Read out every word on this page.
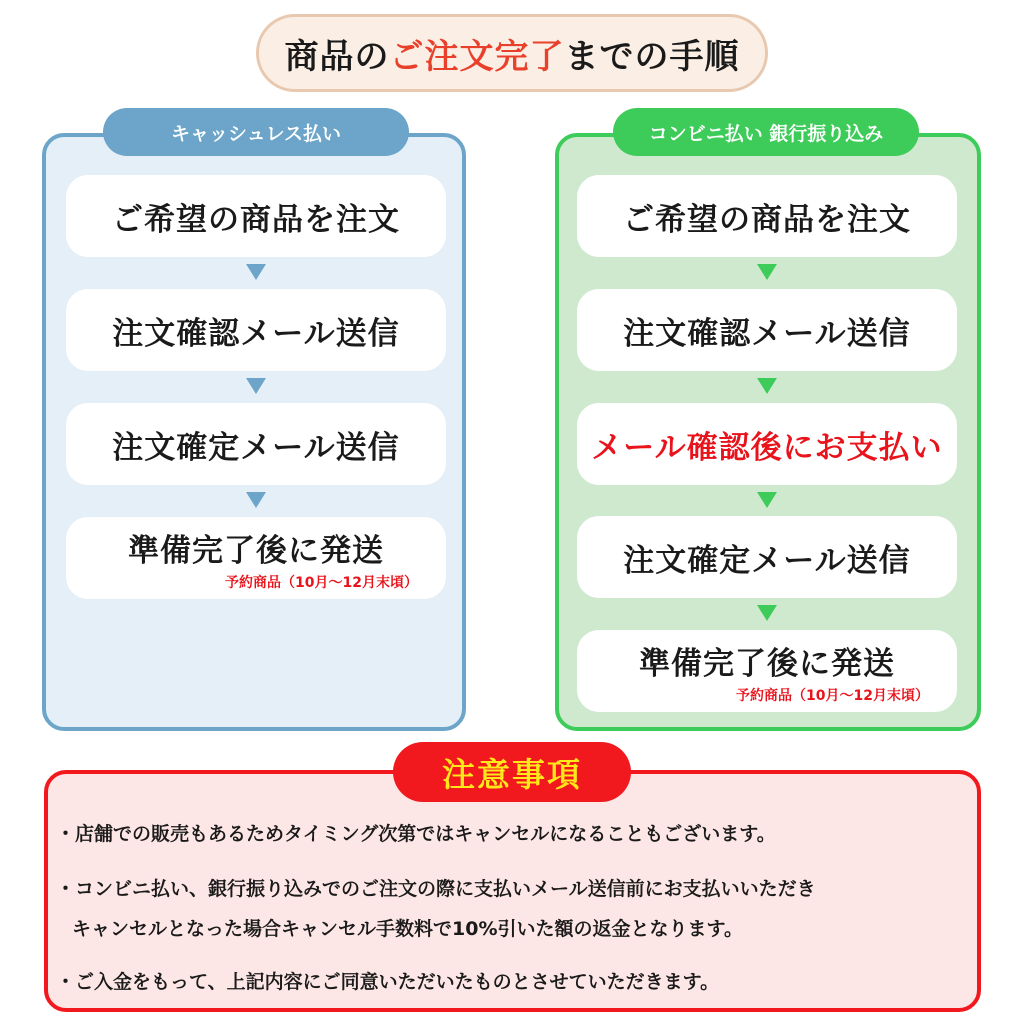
商品の ご注文完了 までの手順
キャッシュレス払い
ご希望の商品を注文
注文確認メール送信
注文確定メール送信
準備完了後に発送
予約商品（10月〜12月末頃）
コンビニ払い 銀行振り込み
ご希望の商品を注文
注文確認メール送信
メール確認後にお支払い
注文確定メール送信
準備完了後に発送
予約商品（10月〜12月末頃）
注意事項
・店舗での販売もあるためタイミング次第ではキャンセルになることもございます。
・コンビニ払い、銀行振り込みでのご注文の際に支払いメール送信前にお支払いいただき
キャンセルとなった場合キャンセル手数料で10%引いた額の返金となります。
・ご入金をもって、上記内容にご同意いただいたものとさせていただきます。
